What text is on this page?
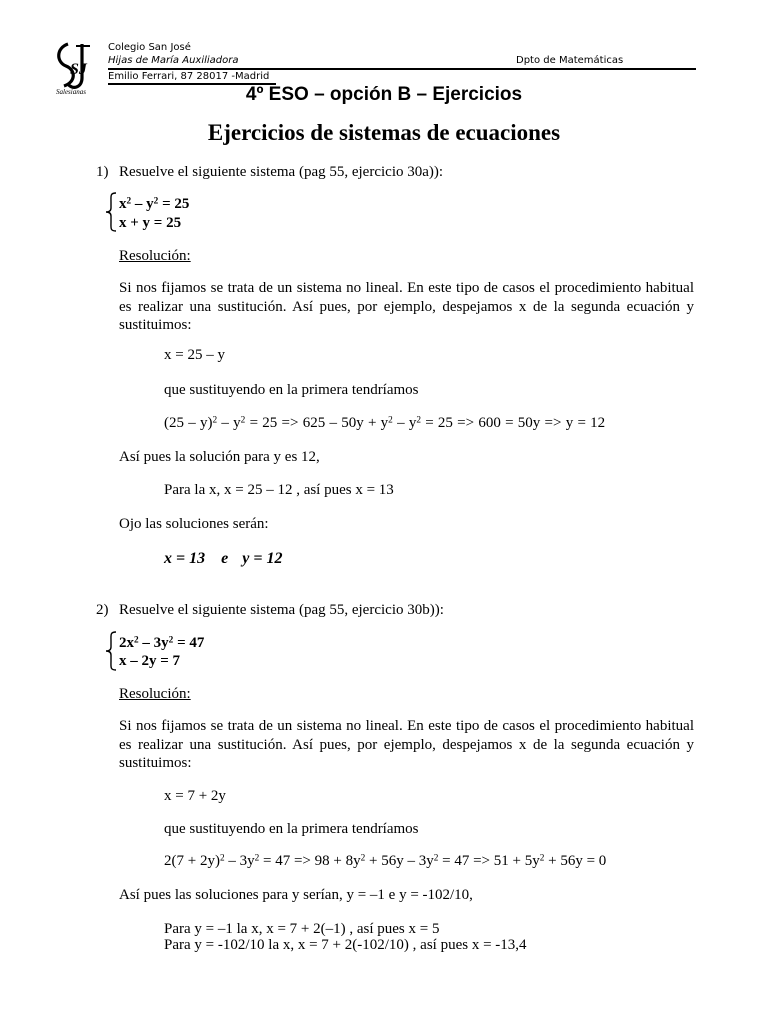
SJ
Salesianas
Colegio San José
Hijas de María Auxiliadora	Dpto de Matemáticas
Emilio Ferrari, 87 28017 -Madrid
4º ESO – opción B – Ejercicios
Ejercicios de sistemas de ecuaciones
1) Resuelve el siguiente sistema (pag 55, ejercicio 30a)):
$x^2 - y^2 = 25$
x + y = 25
Resolución:
Si nos fijamos se trata de un sistema no lineal. En este tipo de casos el procedimiento habitual es realizar una sustitución. Así pues, por ejemplo, despejamos x de la segunda ecuación y sustituimos:
x = 25 – y
que sustituyendo en la primera tendríamos
$(25 - y)^2 - y^2 = 25 => 625 - 50y + y^2 - y^2 = 25 => 600 = 50y => y = 12$
Así pues la solución para y es 12,
Para la x, x = 25 – 12 , así pues x = 13
Ojo las soluciones serán:
x = 13 e y = 12
2) Resuelve el siguiente sistema (pag 55, ejercicio 30b)):
$2x^2 - 3y^2 = 47$
x – 2y = 7
Resolución:
Si nos fijamos se trata de un sistema no lineal. En este tipo de casos el procedimiento habitual es realizar una sustitución. Así pues, por ejemplo, despejamos x de la segunda ecuación y sustituimos:
x = 7 + 2y
que sustituyendo en la primera tendríamos
$2(7 + 2y)^2 - 3y^2 = 47 => 98 + 8y^2 + 56y - 3y^2 = 47 => 51 + 5y^2 + 56y = 0$
Así pues las soluciones para y serían, y = –1 e y = -102/10,
Para y = –1 la x, x = 7 + 2(–1) , así pues x = 5
Para y = -102/10 la x, x = 7 + 2(-102/10) , así pues x = -13,4
